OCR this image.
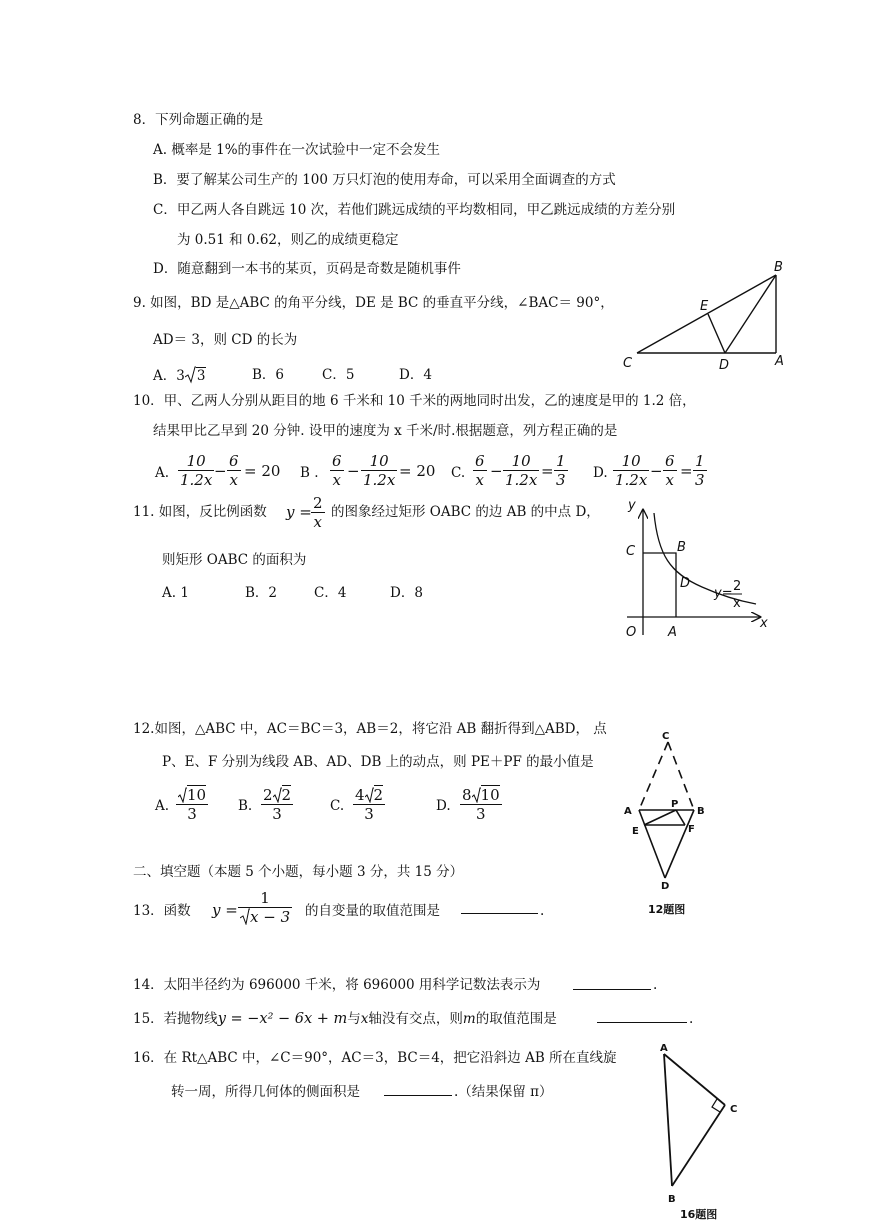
8．下列命题正确的是
A. 概率是 1%的事件在一次试验中一定不会发生
B．要了解某公司生产的 100 万只灯泡的使用寿命，可以采用全面调查的方式
C．甲乙两人各自跳远 10 次，若他们跳远成绩的平均数相同，甲乙跳远成绩的方差分别
为 0.51 和 0.62，则乙的成绩更稳定
D．随意翻到一本书的某页，页码是奇数是随机事件
9. 如图，BD 是△ABC 的角平分线，DE 是 BC 的垂直平分线，∠BAC＝ 90°，
AD＝ 3，则 CD 的长为
A．3 3	B．6	C．5	D．4
B
E
C	D	A
10．甲、乙两人分别从距目的地 6 千米和 10 千米的两地同时出发，乙的速度是甲的 1.2 倍，
结果甲比乙早到 20 分钟. 设甲的速度为 x 千米/时.根据题意，列方程正确的是
A.
10
1.2x −
6
x = 20 B .
6
x −
10
1.2x = 20 C.
6
x −
10
1.2x =
1
3 D.
10
1.2x −
6
x =
1
3
11. 如图，反比例函数 y = 2
x
的图象经过矩形 OABC 的边 AB 的中点 D，
则矩形 OABC 的面积为
A. 1	B．2	C．4	D．8
y
x
C	B
D
O A
y= 2
x
12.如图，△ABC 中，AC＝BC＝3，AB＝2，将它沿 AB 翻折得到△ABD， 点
P、E、F 分别为线段 AB、AD、DB 上的动点，则 PE＋PF 的最小值是
A.
10
3	B.
2 2
3	C.
4 2
3	D.
8 10
3
C
A
P
B
E	F
D
12题图
二、填空题（本题 5 个小题，每小题 3 分，共 15 分）
13．函数 y =
1
x − 3 的自变量的取值范围是	.
14．太阳半径约为 696000 千米，将 696000 用科学记数法表示为	.
15．若抛物线y = −x² − 6x + m与x轴没有交点，则m的取值范围是	.
16．在 Rt△ABC 中，∠C＝90°，AC＝3，BC＝4，把它沿斜边 AB 所在直线旋
转一周，所得几何体的侧面积是	.（结果保留 π）
A
C
B
16题图
